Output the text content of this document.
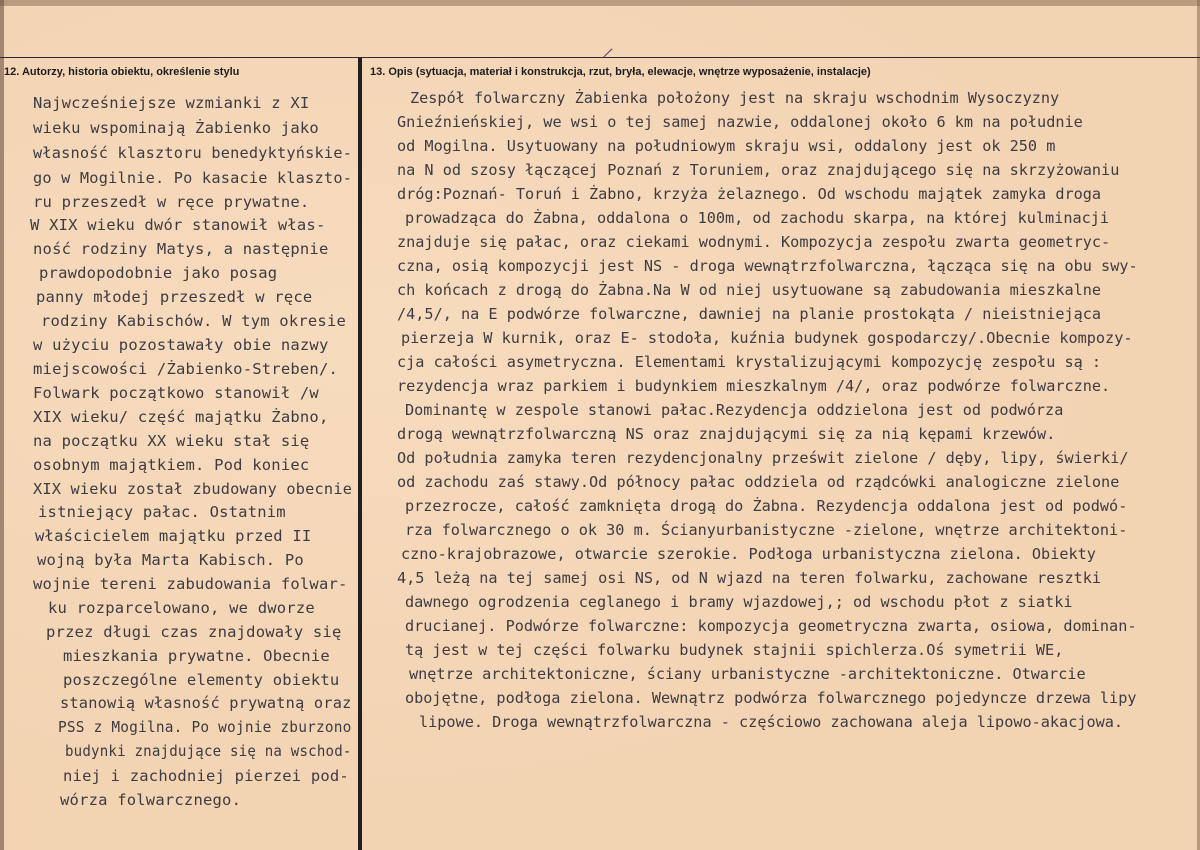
/
12. Autorzy, historia obiektu, określenie stylu	13. Opis (sytuacja, materiał i konstrukcja, rzut, bryła, elewacje, wnętrze wyposażenie, instalacje)
Najwcześniejsze wzmianki z XI
wieku wspominają Żabienko jako
własność klasztoru benedyktyńskie-
go w Mogilnie. Po kasacie klaszto-
ru przeszedł w ręce prywatne.
W XIX wieku dwór stanowił włas-
ność rodziny Matys, a następnie
prawdopodobnie jako posag
panny młodej przeszedł w ręce
rodziny Kabischów. W tym okresie
w użyciu pozostawały obie nazwy
miejscowości /Żabienko-Streben/.
Folwark początkowo stanowił /w
XIX wieku/ część majątku Żabno,
na początku XX wieku stał się
osobnym majątkiem. Pod koniec
XIX wieku został zbudowany obecnie
istniejący pałac. Ostatnim
właścicielem majątku przed II
wojną była Marta Kabisch. Po
wojnie tereni zabudowania folwar-
ku rozparcelowano, we dworze
przez długi czas znajdowały się
mieszkania prywatne. Obecnie
poszczególne elementy obiektu
stanowią własność prywatną oraz
PSS z Mogilna. Po wojnie zburzono
budynki znajdujące się na wschod-
niej i zachodniej pierzei pod-
wórza folwarcznego.
Zespół folwarczny Żabienka położony jest na skraju wschodnim Wysoczyzny
Gnieźnieńskiej, we wsi o tej samej nazwie, oddalonej około 6 km na południe
od Mogilna. Usytuowany na południowym skraju wsi, oddalony jest ok 250 m
na N od szosy łączącej Poznań z Toruniem, oraz znajdującego się na skrzyżowaniu
dróg:Poznań- Toruń i Żabno, krzyża żelaznego. Od wschodu majątek zamyka droga
prowadząca do Żabna, oddalona o 100m, od zachodu skarpa, na której kulminacji
znajduje się pałac, oraz ciekami wodnymi. Kompozycja zespołu zwarta geometryc-
czna, osią kompozycji jest NS - droga wewnątrzfolwarczna, łącząca się na obu swy-
ch końcach z drogą do Żabna.Na W od niej usytuowane są zabudowania mieszkalne
/4,5/, na E podwórze folwarczne, dawniej na planie prostokąta / nieistniejąca
pierzeja W kurnik, oraz E- stodoła, kuźnia budynek gospodarczy/.Obecnie kompozy-
cja całości asymetryczna. Elementami krystalizującymi kompozycję zespołu są :
rezydencja wraz parkiem i budynkiem mieszkalnym /4/, oraz podwórze folwarczne.
Dominantę w zespole stanowi pałac.Rezydencja oddzielona jest od podwórza
drogą wewnątrzfolwarczną NS oraz znajdującymi się za nią kępami krzewów.
Od południa zamyka teren rezydencjonalny prześwit zielone / dęby, lipy, świerki/
od zachodu zaś stawy.Od północy pałac oddziela od rządcówki analogiczne zielone
przezrocze, całość zamknięta drogą do Żabna. Rezydencja oddalona jest od podwó-
rza folwarcznego o ok 30 m. Ścianyurbanistyczne -zielone, wnętrze architektoni-
czno-krajobrazowe, otwarcie szerokie. Podłoga urbanistyczna zielona. Obiekty
4,5 leżą na tej samej osi NS, od N wjazd na teren folwarku, zachowane resztki
dawnego ogrodzenia ceglanego i bramy wjazdowej,; od wschodu płot z siatki
drucianej. Podwórze folwarczne: kompozycja geometryczna zwarta, osiowa, dominan-
tą jest w tej części folwarku budynek stajnii spichlerza.Oś symetrii WE,
wnętrze architektoniczne, ściany urbanistyczne -architektoniczne. Otwarcie
obojętne, podłoga zielona. Wewnątrz podwórza folwarcznego pojedyncze drzewa lipy
lipowe. Droga wewnątrzfolwarczna - częściowo zachowana aleja lipowo-akacjowa.
